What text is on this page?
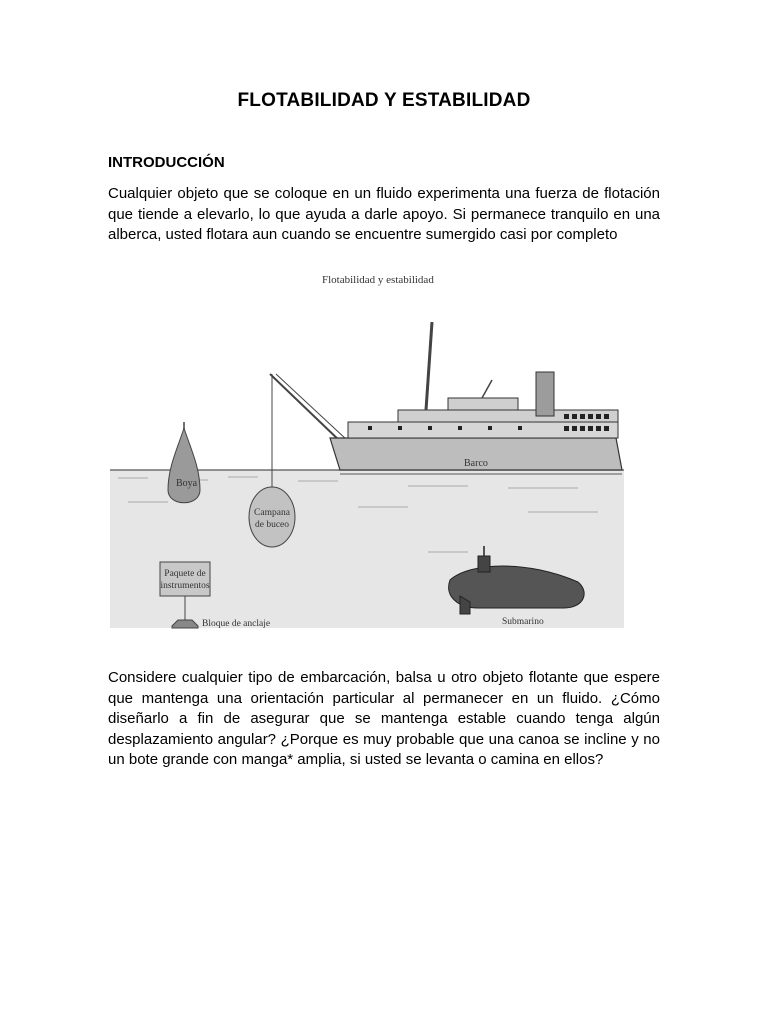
FLOTABILIDAD Y ESTABILIDAD
INTRODUCCIÓN

Cualquier objeto que se coloque en un fluido experimenta una fuerza de flotación que tiende a elevarlo, lo que ayuda a darle apoyo. Si permanece tranquilo en una alberca, usted flotara aun cuando se encuentre sumergido casi por completo

Flotabilidad y estabilidad
Boya
Campana
de buceo
Barco
Paquete de
instrumentos
Bloque de anclaje	Submarino

Considere cualquier tipo de embarcación, balsa u otro objeto flotante que espere que mantenga una orientación particular al permanecer en un fluido. ¿Cómo diseñarlo a fin de asegurar que se mantenga estable cuando tenga algún desplazamiento angular? ¿Porque es muy probable que una canoa se incline y no un bote grande con manga* amplia, si usted se levanta o camina en ellos?
